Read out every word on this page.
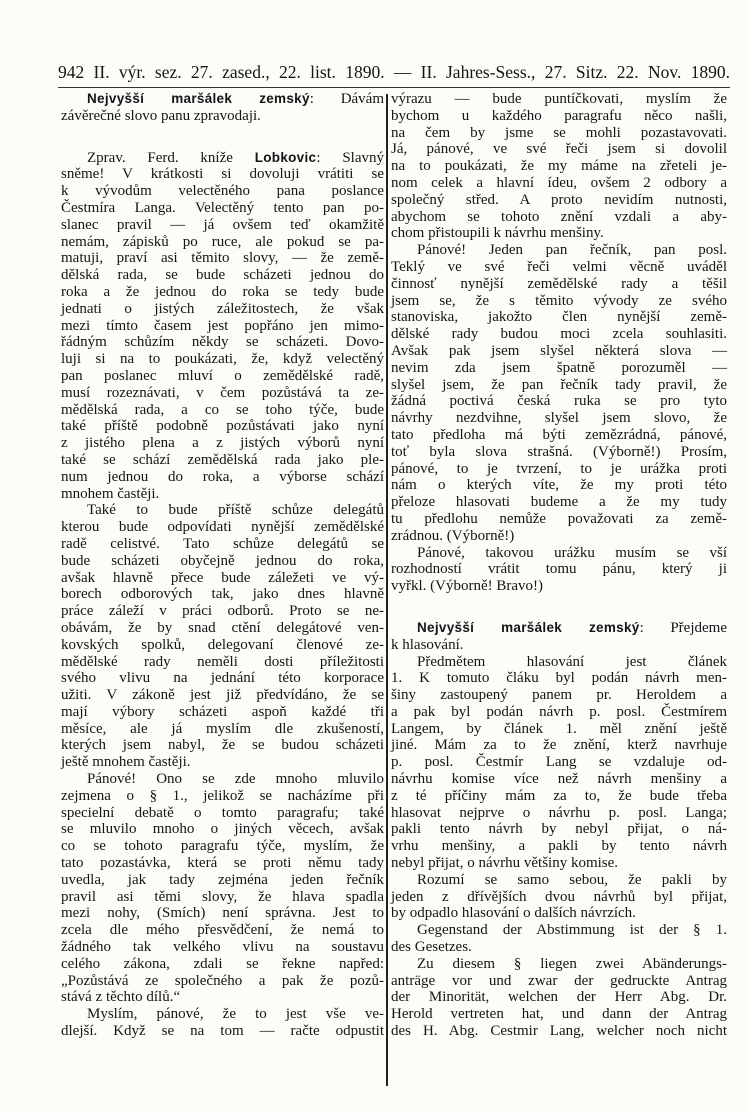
942 II. výr. sez. 27. zased., 22. list. 1890. — II. Jahres-Sess., 27. Sitz. 22. Nov. 1890.
Nejvyšší maršálek zemský: Dávám
závěrečné slovo panu zpravodaji.
Zprav. Ferd. kníže Lobkovic: Slavný
sněme! V krátkosti si dovoluji vrátiti se
k vývodům velectěného pana poslance
Čestmíra Langa. Velectěný tento pan po-
slanec pravil — já ovšem teď okamžitě
nemám, zápisků po ruce, ale pokud se pa-
matuji, praví asi těmito slovy, — že země-
dělská rada, se bude scházeti jednou do
roka a že jednou do roka se tedy bude
jednati o jistých záležitostech, že však
mezi tímto časem jest popřáno jen mimo-
řádným schůzím někdy se scházeti. Dovo-
luji si na to poukázati, že, když velectěný
pan poslanec mluví o zemědělské radě,
musí rozeznávati, v čem pozůstává ta ze-
mědělská rada, a co se toho týče, bude
také příště podobně pozůstávati jako nyní
z jistého plena a z jistých výborů nyní
také se schází zemědělská rada jako ple-
num jednou do roka, a výborse schází
mnohem častěji.
Také to bude příště schůze delegátů
kterou bude odpovídati nynější zemědělské
radě celistvé. Tato schůze delegátů se
bude scházeti obyčejně jednou do roka,
avšak hlavně přece bude záležeti ve vý-
borech odborových tak, jako dnes hlavně
práce záleží v práci odborů. Proto se ne-
obávám, že by snad ctění delegátové ven-
kovských spolků, delegovaní členové ze-
mědělské rady neměli dosti příležitosti
svého vlivu na jednání této korporace
užiti. V zákoně jest již předvídáno, že se
mají výbory scházeti aspoň každé tři
měsíce, ale já myslím dle zkušeností,
kterých jsem nabyl, že se budou scházeti
ještě mnohem častěji.
Pánové! Ono se zde mnoho mluvilo
zejmena o § 1., jelikož se nacházíme při
specielní debatě o tomto paragrafu; také
se mluvilo mnoho o jiných věcech, avšak
co se tohoto paragrafu týče, myslím, že
tato pozastávka, která se proti němu tady
uvedla, jak tady zejména jeden řečník
pravil asi těmi slovy, že hlava spadla
mezi nohy, (Smích) není správna. Jest to
zcela dle mého přesvědčení, že nemá to
žádného tak velkého vlivu na soustavu
celého zákona, zdali se řekne napřed:
„Pozůstává ze společného a pak že pozů-
stává z těchto dílů.“
Myslím, pánové, že to jest vše ve-
dlejší. Když se na tom — račte odpustit
výrazu — bude puntíčkovati, myslím že
bychom u každého paragrafu něco našli,
na čem by jsme se mohli pozastavovati.
Já, pánové, ve své řeči jsem si dovolil
na to poukázati, že my máme na zřeteli je-
nom celek a hlavní ídeu, ovšem 2 odbory a
společný střed. A proto nevidím nutnosti,
abychom se tohoto znění vzdali a aby-
chom přistoupili k návrhu menšiny.
Pánové! Jeden pan řečník, pan posl.
Teklý ve své řeči velmi věcně uváděl
činnosť nynější zemědělské rady a těšil
jsem se, že s těmito vývody ze svého
stanoviska, jakožto člen nynější země-
dělské rady budou moci zcela souhlasiti.
Avšak pak jsem slyšel některá slova —
nevim zda jsem špatně porozuměl —
slyšel jsem, že pan řečník tady pravil, že
žádná poctivá česká ruka se pro tyto
návrhy nezdvihne, slyšel jsem slovo, že
tato předloha má býti zemězrádná, pánové,
toť byla slova strašná. (Výborně!) Prosím,
pánové, to je tvrzení, to je urážka proti
nám o kterých víte, že my proti této
přeloze hlasovati budeme a že my tudy
tu předlohu nemůže považovati za země-
zrádnou. (Výborně!)
Pánové, takovou urážku musím se vší
rozhodností vrátit tomu pánu, který ji
vyřkl. (Výborně! Bravo!)
Nejvyšší maršálek zemský: Přejdeme
k hlasování.
Předmětem hlasování jest článek
1. K tomuto čláku byl podán návrh men-
šiny zastoupený panem pr. Heroldem a
a pak byl podán návrh p. posl. Čestmírem
Langem, by článek 1. měl znění ještě
jiné. Mám za to že znění, kterž navrhuje
p. posl. Čestmír Lang se vzdaluje od-
návrhu komise více než návrh menšiny a
z té příčiny mám za to, že bude třeba
hlasovat nejprve o návrhu p. posl. Langa;
pakli tento návrh by nebyl přijat, o ná-
vrhu menšiny, a pakli by tento návrh
nebyl přijat, o návrhu většiny komise.
Rozumí se samo sebou, že pakli by
jeden z dřívějších dvou návrhů byl přijat,
by odpadlo hlasování o dalších návrzích.
Gegenstand der Abstimmung ist der § 1.
des Gesetzes.
Zu diesem § liegen zwei Abänderungs-
anträge vor und zwar der gedruckte Antrag
der Minorität, welchen der Herr Abg. Dr.
Herold vertreten hat, und dann der Antrag
des H. Abg. Cestmir Lang, welcher noch nicht
